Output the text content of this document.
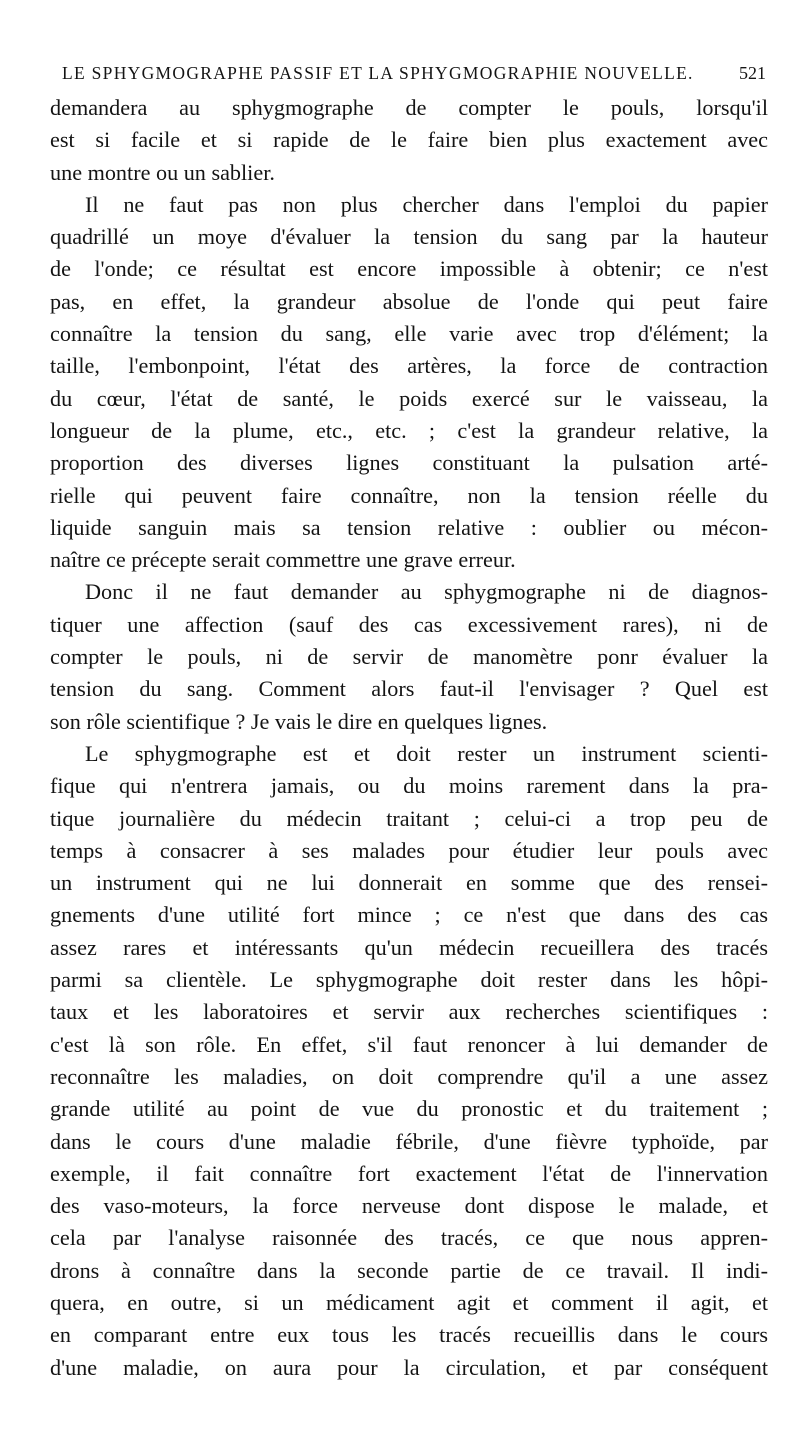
LE SPHYGMOGRAPHE PASSIF ET LA SPHYGMOGRAPHIE NOUVELLE.	521
demandera au sphygmographe de compter le pouls, lorsqu'il
est si facile et si rapide de le faire bien plus exactement avec
une montre ou un sablier.
Il ne faut pas non plus chercher dans l'emploi du papier
quadrillé un moye d'évaluer la tension du sang par la hauteur
de l'onde; ce résultat est encore impossible à obtenir; ce n'est
pas, en effet, la grandeur absolue de l'onde qui peut faire
connaître la tension du sang, elle varie avec trop d'élément; la
taille, l'embonpoint, l'état des artères, la force de contraction
du cœur, l'état de santé, le poids exercé sur le vaisseau, la
longueur de la plume, etc., etc. ; c'est la grandeur relative, la
proportion des diverses lignes constituant la pulsation arté-
rielle qui peuvent faire connaître, non la tension réelle du
liquide sanguin mais sa tension relative : oublier ou mécon-
naître ce précepte serait commettre une grave erreur.
Donc il ne faut demander au sphygmographe ni de diagnos-
tiquer une affection (sauf des cas excessivement rares), ni de
compter le pouls, ni de servir de manomètre ponr évaluer la
tension du sang. Comment alors faut-il l'envisager ? Quel est
son rôle scientifique ? Je vais le dire en quelques lignes.
Le sphygmographe est et doit rester un instrument scienti-
fique qui n'entrera jamais, ou du moins rarement dans la pra-
tique journalière du médecin traitant ; celui-ci a trop peu de
temps à consacrer à ses malades pour étudier leur pouls avec
un instrument qui ne lui donnerait en somme que des rensei-
gnements d'une utilité fort mince ; ce n'est que dans des cas
assez rares et intéressants qu'un médecin recueillera des tracés
parmi sa clientèle. Le sphygmographe doit rester dans les hôpi-
taux et les laboratoires et servir aux recherches scientifiques :
c'est là son rôle. En effet, s'il faut renoncer à lui demander de
reconnaître les maladies, on doit comprendre qu'il a une assez
grande utilité au point de vue du pronostic et du traitement ;
dans le cours d'une maladie fébrile, d'une fièvre typhoïde, par
exemple, il fait connaître fort exactement l'état de l'innervation
des vaso-moteurs, la force nerveuse dont dispose le malade, et
cela par l'analyse raisonnée des tracés, ce que nous appren-
drons à connaître dans la seconde partie de ce travail. Il indi-
quera, en outre, si un médicament agit et comment il agit, et
en comparant entre eux tous les tracés recueillis dans le cours
d'une maladie, on aura pour la circulation, et par conséquent
